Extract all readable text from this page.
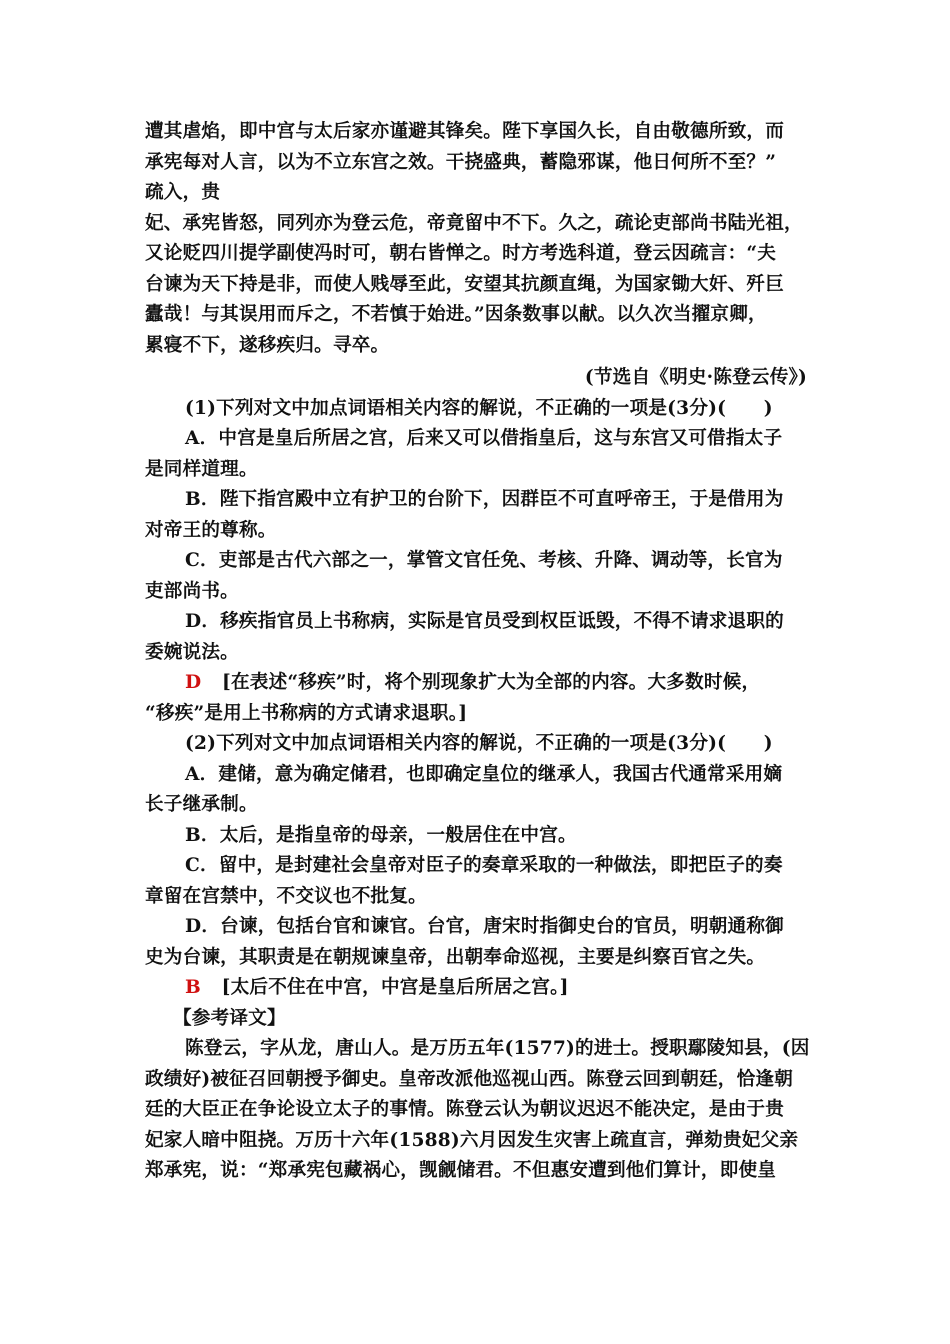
遭其虐焰，即中宫与太后家亦谨避其锋矣。陛下享国久长，自由敬德所致，而
承宪每对人言，以为不立东宫之效。干挠盛典，蓄隐邪谋，他日何所不至？”
疏入，贵
妃、承宪皆怒，同列亦为登云危，帝竟留中不下。久之，疏论吏部尚书陆光祖，
又论贬四川提学副使冯时可，朝右皆惮之。时方考选科道，登云因疏言：“夫
台谏为天下持是非，而使人贱辱至此，安望其抗颜直绳，为国家锄大奸、歼巨
蠹哉！与其误用而斥之，不若慎于始进。”因条数事以献。以久次当擢京卿，
累寝不下，遂移疾归。寻卒。
(节选自《明史·陈登云传》)
(1)下列对文中加点词语相关内容的解说，不正确的一项是(3分)(　　)
A．中宫是皇后所居之宫，后来又可以借指皇后，这与东宫又可借指太子
是同样道理。
B．陛下指宫殿中立有护卫的台阶下，因群臣不可直呼帝王，于是借用为
对帝王的尊称。
C．吏部是古代六部之一，掌管文官任免、考核、升降、调动等，长官为
吏部尚书。
D．移疾指官员上书称病，实际是官员受到权臣诋毁，不得不请求退职的
委婉说法。
D [在表述“移疾”时，将个别现象扩大为全部的内容。大多数时候，
“移疾”是用上书称病的方式请求退职。]
(2)下列对文中加点词语相关内容的解说，不正确的一项是(3分)(　　)
A．建储，意为确定储君，也即确定皇位的继承人，我国古代通常采用嫡
长子继承制。
B．太后，是指皇帝的母亲，一般居住在中宫。
C．留中，是封建社会皇帝对臣子的奏章采取的一种做法，即把臣子的奏
章留在宫禁中，不交议也不批复。
D．台谏，包括台官和谏官。台官，唐宋时指御史台的官员，明朝通称御
史为台谏，其职责是在朝规谏皇帝，出朝奉命巡视，主要是纠察百官之失。
B [太后不住在中宫，中宫是皇后所居之宫。]
【参考译文】
陈登云，字从龙，唐山人。是万历五年(1577)的进士。授职鄢陵知县，(因
政绩好)被征召回朝授予御史。皇帝改派他巡视山西。陈登云回到朝廷，恰逢朝
廷的大臣正在争论设立太子的事情。陈登云认为朝议迟迟不能决定，是由于贵
妃家人暗中阻挠。万历十六年(1588)六月因发生灾害上疏直言，弹劾贵妃父亲
郑承宪，说：“郑承宪包藏祸心，觊觎储君。不但惠安遭到他们算计，即使皇
